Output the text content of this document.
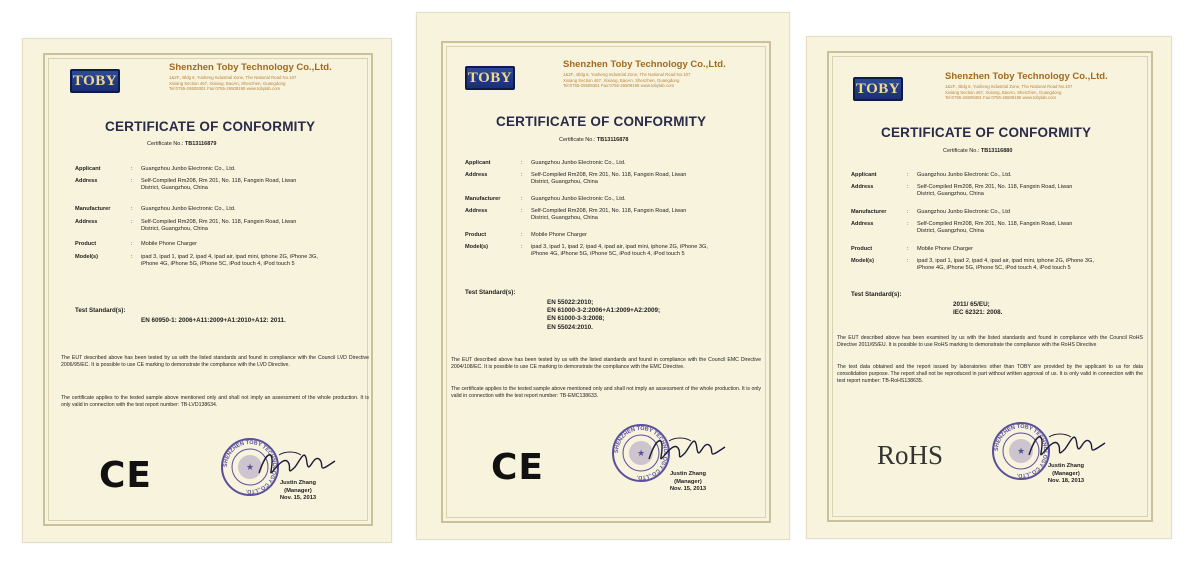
TOBY
Shenzhen Toby Technology Co.,Ltd.
1&2F., Bldg 6, Yusheng Industrial Zone, The National Road No.107
Xixiang Section 467, Xixiang, BaoAn, Shenzhen, Guangdong
Tel:0755-26509301 Fax:0755-26509195 www.tobylab.com
CERTIFICATE OF CONFORMITY
Certificate No.: TB13116879
Applicant	: Guangzhou Junbo Electronic Co., Ltd.
Address	: Self-Compiled Rm208, Rm 201, No. 118, Fangxin Road, Liwan
District, Guangzhou, China
Manufacturer	: Guangzhou Junbo Electronic Co., Ltd.
Address	: Self-Compiled Rm208, Rm 201, No. 118, Fangxin Road, Liwan
District, Guangzhou, China
Product	: Mobile Phone Charger
Model(s)	: ipad 3, ipad 1, ipad 2, ipad 4, ipad air, ipad mini, iphone 2G, iPhone 3G,
iPhone 4G, iPhone 5G, iPhone 5C, iPod touch 4, iPod touch 5
Test Standard(s):
EN 60950-1: 2006+A11:2009+A1:2010+A12: 2011.
The EUT described above has been tested by us with the listed standards and found in compliance with the Council LVD Directive 2006/95/EC. It is possible to use CE marking to demonstrate the compliance with the LVD Directive.
The certificate applies to the tested sample above mentioned only and shall not imply an assessment of the whole production. It is only valid in connection with the test report number: TB-LVD138634.
CE	SHENZHEN TOBY TECHNOLOGY CO.,LTD.
★
Justin Zhang
(Manager)
Nov. 15, 2013
TOBY
Shenzhen Toby Technology Co.,Ltd.
1&2F., Bldg 6, Yusheng Industrial Zone, The National Road No.107
Xixiang Section 467, Xixiang, BaoAn, Shenzhen, Guangdong
Tel:0755-26509301 Fax:0755-26509195 www.tobylab.com
CERTIFICATE OF CONFORMITY
Certificate No.: TB13116878
Applicant	: Guangzhou Junbo Electronic Co., Ltd.
Address	: Self-Compiled Rm208, Rm 201, No. 118, Fangxin Road, Liwan
District, Guangzhou, China
Manufacturer	: Guangzhou Junbo Electronic Co., Ltd.
Address	: Self-Compiled Rm208, Rm 201, No. 118, Fangxin Road, Liwan
District, Guangzhou, China
Product	: Mobile Phone Charger
Model(s)	: ipad 3, ipad 1, ipad 2, ipad 4, ipad air, ipad mini, iphone 2G, iPhone 3G,
iPhone 4G, iPhone 5G, iPhone 5C, iPod touch 4, iPod touch 5
Test Standard(s):
EN 55022:2010;
EN 61000-3-2:2006+A1:2009+A2:2009;
EN 61000-3-3:2008;
EN 55024:2010.
The EUT described above has been tested by us with the listed standards and found in compliance with the Council EMC Directive 2004/108/EC. It is possible to use CE marking to demonstrate the compliance with the EMC Directive.
The certificate applies to the tested sample above mentioned only and shall not imply an assessment of the whole production. It is only valid in connection with the test report number: TB-EMC138633.
CE	SHENZHEN TOBY TECHNOLOGY CO.,LTD.
★
Justin Zhang
(Manager)
Nov. 15, 2013
TOBY
Shenzhen Toby Technology Co.,Ltd.
1&2F., Bldg 6, Yusheng Industrial Zone, The National Road No.107
Xixiang Section 467, Xixiang, BaoAn, Shenzhen, Guangdong
Tel:0755-26509301 Fax:0755-26509195 www.tobylab.com
CERTIFICATE OF CONFORMITY
Certificate No.: TB13116880
Applicant	: Guangzhou Junbo Electronic Co., Ltd.
Address	: Self-Compiled Rm208, Rm 201, No. 118, Fangxin Road, Liwan
District, Guangzhou, China
Manufacturer	: Guangzhou Junbo Electronic Co., Ltd
Address	: Self-Compiled Rm208, Rm 201, No. 118, Fangxin Road, Liwan
District, Guangzhou, China
Product	: Mobile Phone Charger
Model(s)	: ipad 3, ipad 1, ipad 2, ipad 4, ipad air, ipad mini, iphone 2G, iPhone 3G,
iPhone 4G, iPhone 5G, iPhone 5C, iPod touch 4, iPod touch 5
Test Standard(s):
2011/ 65/EU;
IEC 62321: 2008.
The EUT described above has been examined by us with the listed standards and found in compliance with the Council RoHS Directive 2011/65/EU. It is possible to use RoHS marking to demonstrate the compliance with the RoHS Directive
The test data obtained and the report issued by laboratories other than TOBY are provided by the applicant to us for data consolidation purpose. The report shall not be reproduced in part without written approval of us. It is only valid in connection with the test report number: TB-RoHS138635.
RoHS	SHENZHEN TOBY TECHNOLOGY CO.,LTD.
★
Justin Zhang
(Manager)
Nov. 18, 2013
